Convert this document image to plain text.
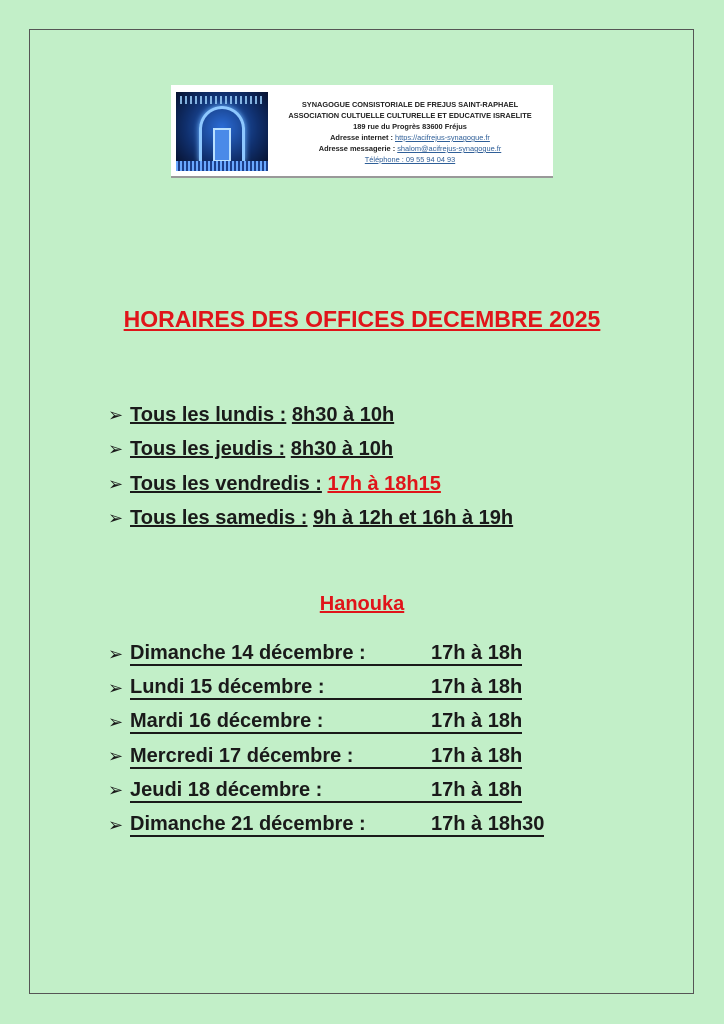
SYNAGOGUE CONSISTORIALE DE FREJUS SAINT-RAPHAEL
ASSOCIATION CULTUELLE CULTURELLE ET EDUCATIVE ISRAELITE
189 rue du Progrès 83600 Fréjus
Adresse internet : https://acifrejus-synagogue.fr
Adresse messagerie : shalom@acifrejus-synagogue.fr
Téléphone : 09 55 94 04 93
HORAIRES DES OFFICES DECEMBRE 2025
➢ Tous les lundis :
8h30 à 10h
➢ Tous les jeudis :
8h30 à 10h
➢ Tous les vendredis :
17h à 18h15
➢ Tous les samedis :
9h à 12h et 16h à 19h
Hanouka
➢ Dimanche 14 décembre :	17h à 18h
➢ Lundi 15 décembre :	17h à 18h
➢ Mardi 16 décembre :	17h à 18h
➢ Mercredi 17 décembre :	17h à 18h
➢ Jeudi 18 décembre :	17h à 18h
➢ Dimanche 21 décembre :	17h à 18h30
